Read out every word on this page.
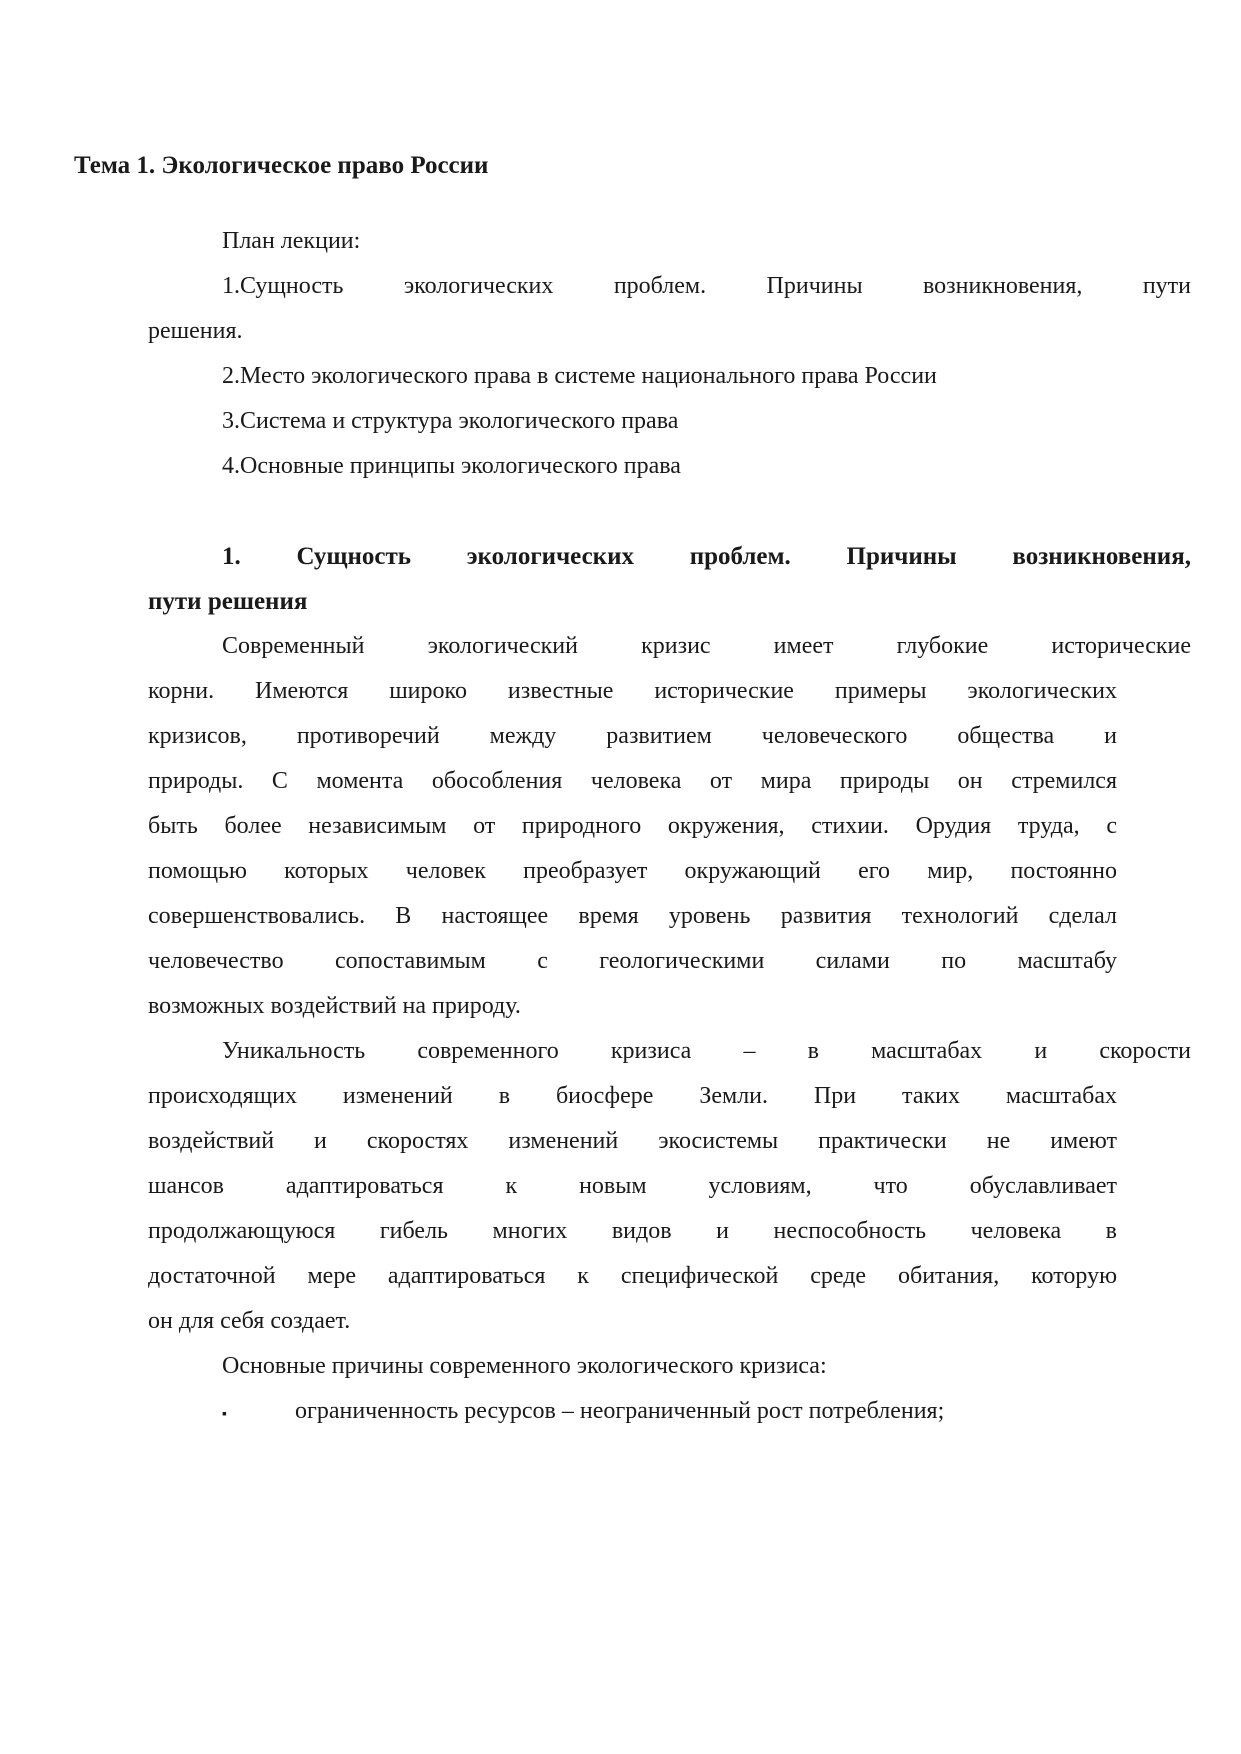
Тема 1. Экологическое право России
План лекции:
1.Сущность экологических проблем. Причины возникновения, пути
решения.
2.Место экологического права в системе национального права России
3.Система и структура экологического права
4.Основные принципы экологического права
1. Сущность экологических проблем. Причины возникновения,
пути решения
Современный экологический кризис имеет глубокие исторические
корни. Имеются широко известные исторические примеры экологических
кризисов, противоречий между развитием человеческого общества и
природы. С момента обособления человека от мира природы он стремился
быть более независимым от природного окружения, стихии. Орудия труда, с
помощью которых человек преобразует окружающий его мир, постоянно
совершенствовались. В настоящее время уровень развития технологий сделал
человечество сопоставимым с геологическими силами по масштабу
возможных воздействий на природу.
Уникальность современного кризиса – в масштабах и скорости
происходящих изменений в биосфере Земли. При таких масштабах
воздействий и скоростях изменений экосистемы практически не имеют
шансов адаптироваться к новым условиям, что обуславливает
продолжающуюся гибель многих видов и неспособность человека в
достаточной мере адаптироваться к специфической среде обитания, которую
он для себя создает.
Основные причины современного экологического кризиса:
▪	ограниченность ресурсов – неограниченный рост потребления;
